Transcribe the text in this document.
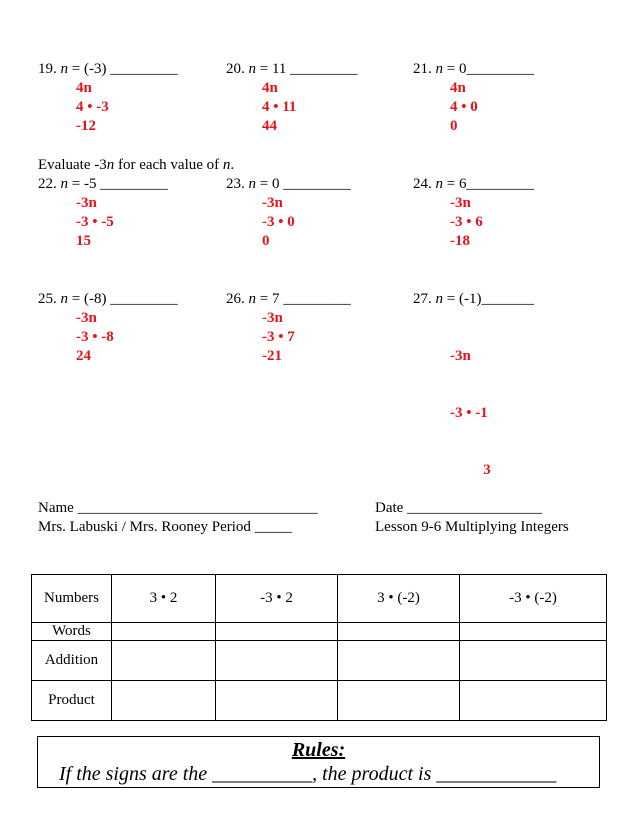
19. n = (-3) _________
4n
4 • -3
-12
20. n = 11 _________
4n
4 • 11
44
21. n = 0_________
4n
4 • 0
0
Evaluate -3n for each value of n.
22. n = -5 _________
-3n
-3 • -5
15
23. n = 0 _________
-3n
-3 • 0
0
24. n = 6_________
-3n
-3 • 6
-18
25. n = (-8) _________
-3n
-3 • -8
24
26. n = 7 _________
-3n
-3 • 7
-21
27. n = (-1)_______

-3n

-3 • -1

3

Name ________________________________
Mrs. Labuski / Mrs. Rooney Period _____
Date __________________
Lesson 9-6 Multiplying Integers
Numbers	3 • 2	-3 • 2	3 • (-2)	-3 • (-2)
Words				
Addition				
Product				
Rules:
If the signs are the __________, the product is ____________
